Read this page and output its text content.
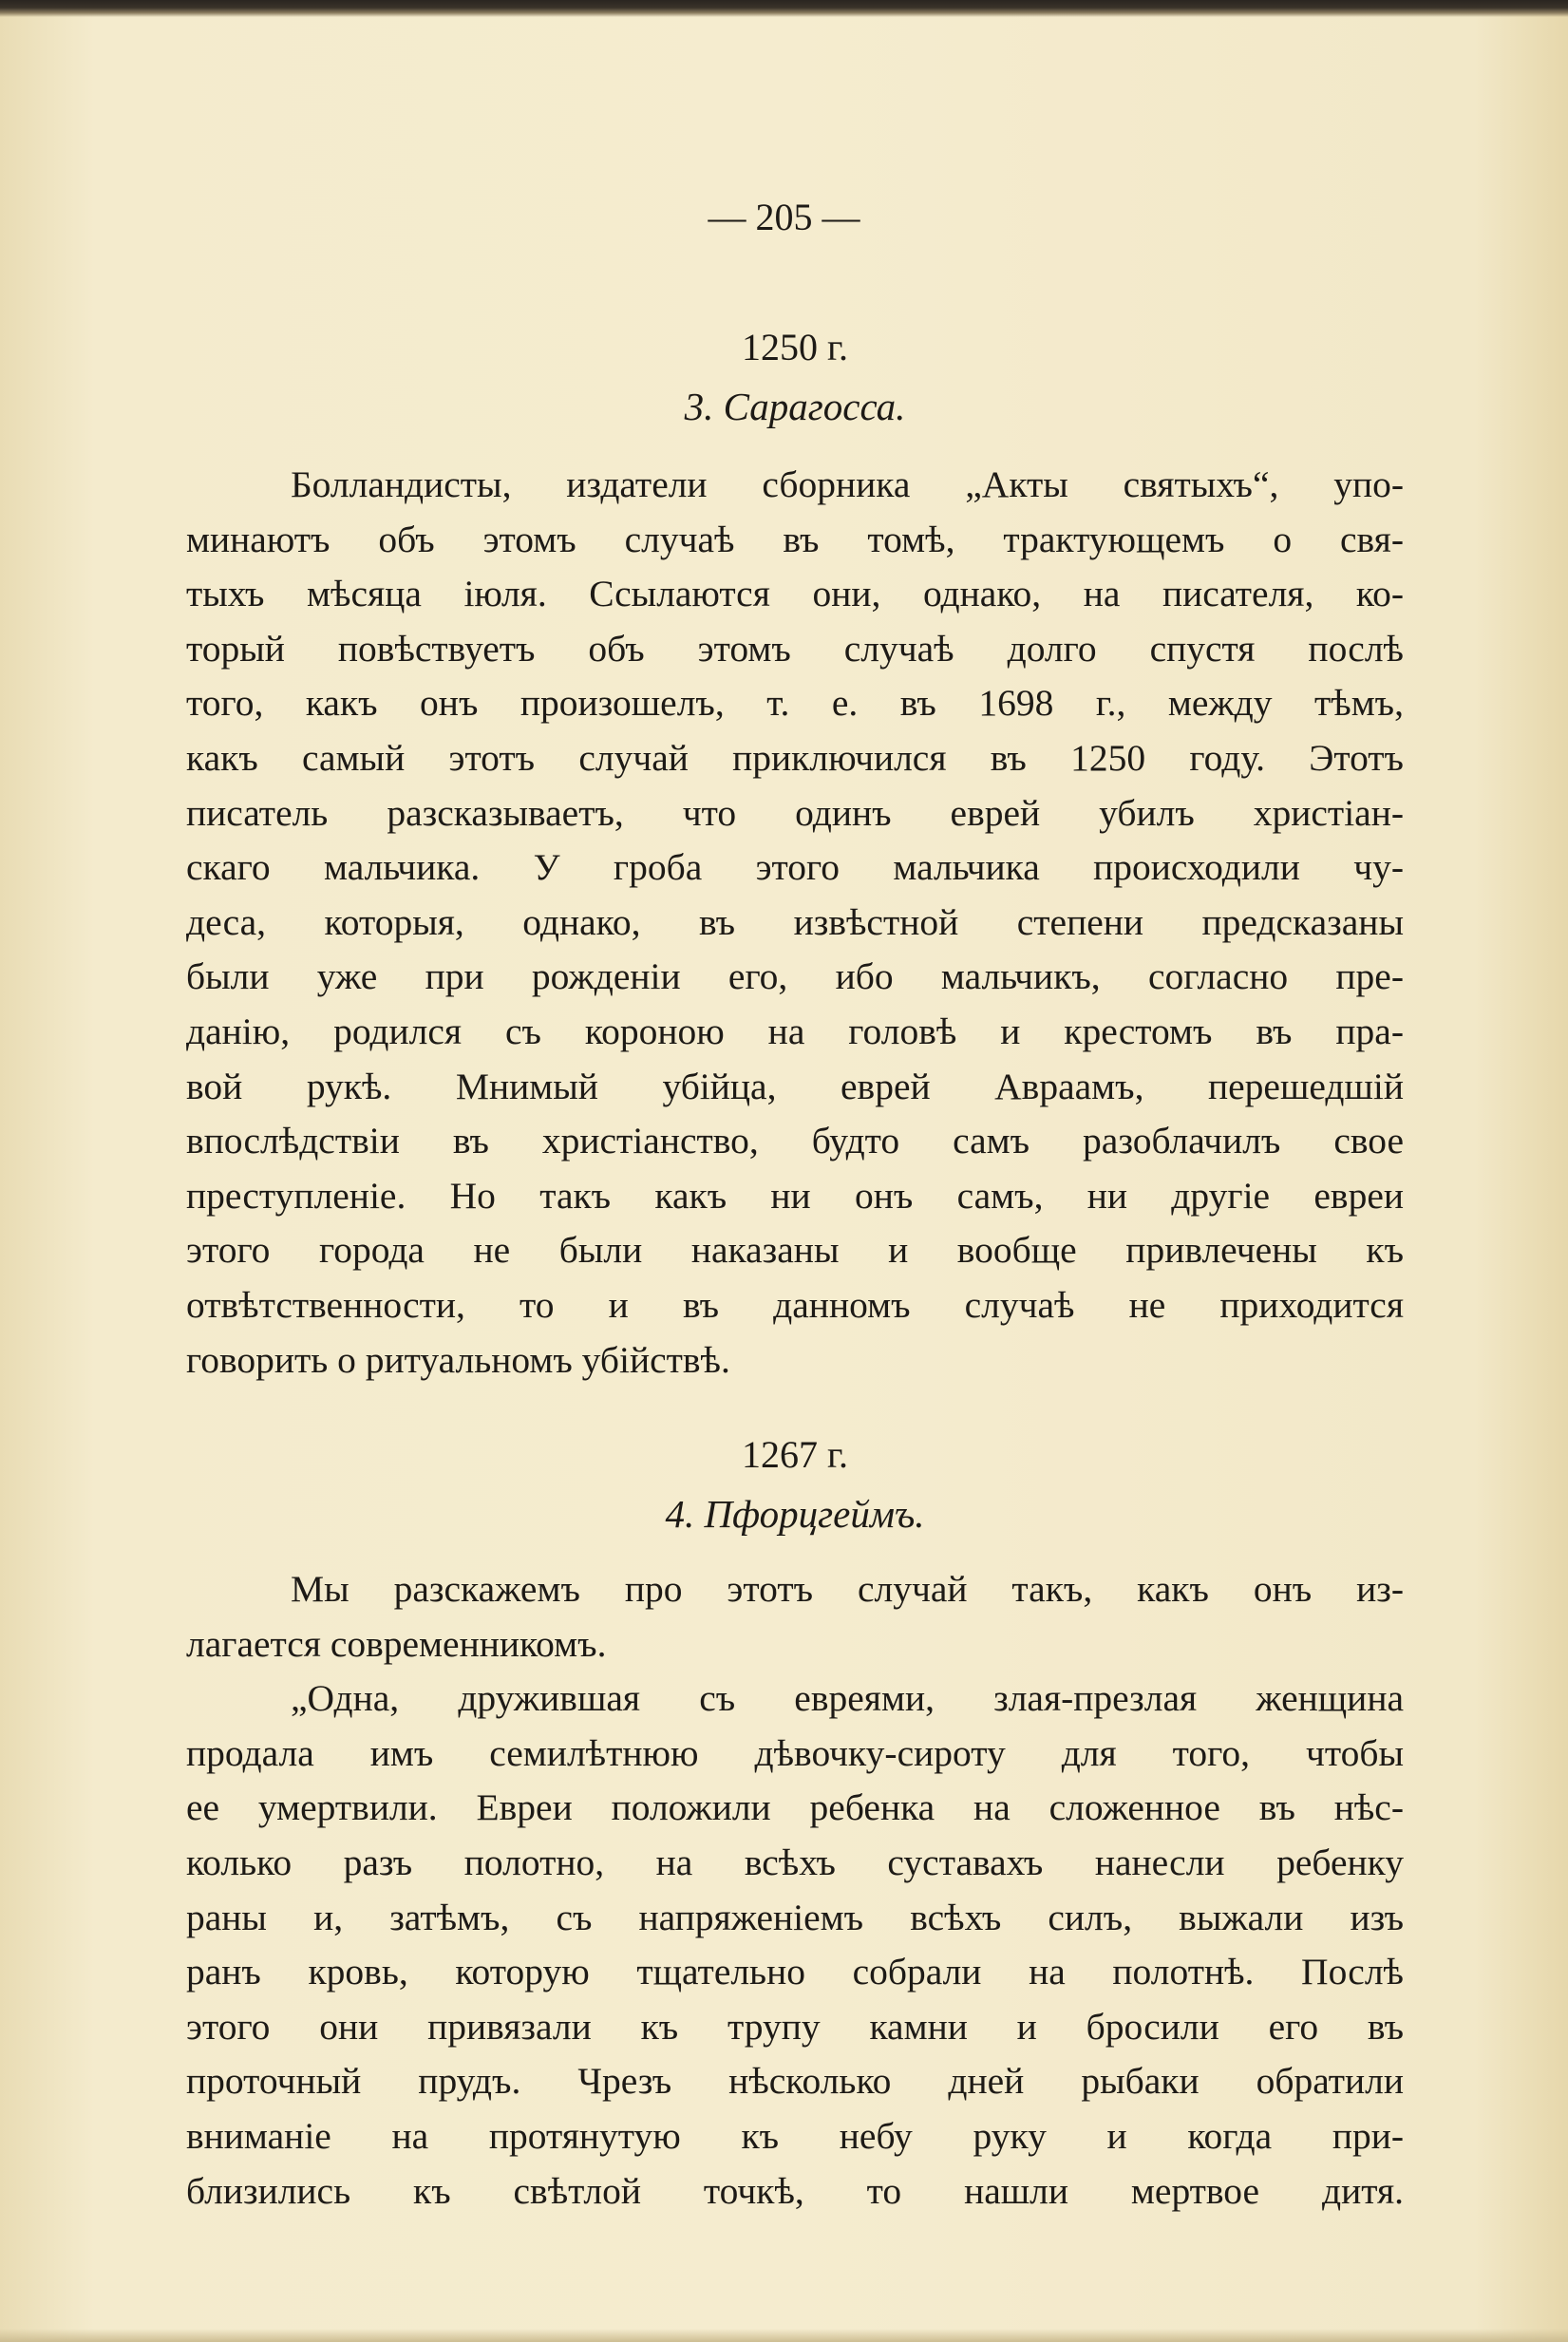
— 205 —
1250 г.
3. Сарагосса.
Болландисты, издатели сборника „Акты святыхъ“, упо-
минаютъ объ этомъ случаѣ въ томѣ, трактующемъ о свя-
тыхъ мѣсяца іюля. Ссылаются они, однако, на писателя, ко-
торый повѣствуетъ объ этомъ случаѣ долго спустя послѣ
того, какъ онъ произошелъ, т. е. въ 1698 г., между тѣмъ,
какъ самый этотъ случай приключился въ 1250 году. Этотъ
писатель разсказываетъ, что одинъ еврей убилъ христіан-
скаго мальчика. У гроба этого мальчика происходили чу-
деса, которыя, однако, въ извѣстной степени предсказаны
были уже при рожденіи его, ибо мальчикъ, согласно пре-
данію, родился съ короною на головѣ и крестомъ въ пра-
вой рукѣ. Мнимый убійца, еврей Авраамъ, перешедшій
впослѣдствіи въ христіанство, будто самъ разоблачилъ свое
преступленіе. Но такъ какъ ни онъ самъ, ни другіе евреи
этого города не были наказаны и вообще привлечены къ
отвѣтственности, то и въ данномъ случаѣ не приходится
говорить о ритуальномъ убійствѣ.
1267 г.
4. Пфорцгеймъ.
Мы разскажемъ про этотъ случай такъ, какъ онъ из-
лагается современникомъ.
„Одна, дружившая съ евреями, злая-презлая женщина
продала имъ семилѣтнюю дѣвочку-сироту для того, чтобы
ее умертвили. Евреи положили ребенка на сложенное въ нѣс-
колько разъ полотно, на всѣхъ суставахъ нанесли ребенку
раны и, затѣмъ, съ напряженіемъ всѣхъ силъ, выжали изъ
ранъ кровь, которую тщательно собрали на полотнѣ. Послѣ
этого они привязали къ трупу камни и бросили его въ
проточный прудъ. Чрезъ нѣсколько дней рыбаки обратили
вниманіе на протянутую къ небу руку и когда при-
близились къ свѣтлой точкѣ, то нашли мертвое дитя.
